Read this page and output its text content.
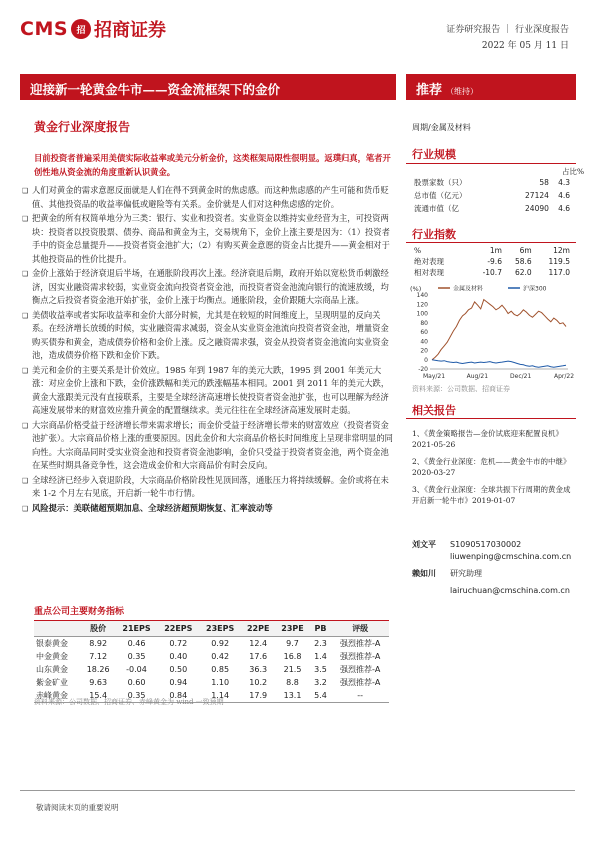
CMS 招 招商证券	证券研究报告 ｜ 行业深度报告
2022 年 05 月 11 日
迎接新一轮黄金牛市——资金流框架下的金价	推荐 （维持）
黄金行业深度报告	周期/金属及材料
目前投资者普遍采用美债实际收益率或美元分析金价，这类框架局限性很明显。返璞归真，笔者开创性地从资金流的角度重新认识黄金。
❑ 人们对黄金的需求意愿反面就是人们在得不到黄金时的焦虑感。而这种焦虑感的产生可能和货币贬值、其他投资品的收益率偏低或避险等有关系。金价就是人们对这种焦虑感的定价。
❑ 把黄金的所有权简单地分为三类：银行、实业和投资者。实业资金以维持实业经营为主，可投资两块：投资者以投资股票、债券、商品和黄金为主，交易规角下，金价上涨主要是因为：（1）投资者手中的资金总量提升——投资者资金池扩大；（2）有购买黄金意愿的资金占比提升——黄金相对于其他投资品的性价比提升。
❑ 金价上涨始于经济衰退后半场，在通胀阶段再次上涨。经济衰退后期，政府开始以宽松货币刺激经济，因实业融资需求较弱，实业资金流向投资者资金池，而投资者资金池流向银行的流速放缓，均衡点之后投资者资金池开始扩张，金价上涨于均衡点。通胀阶段，金价跟随大宗商品上涨。
❑ 美债收益率或者实际收益率和金价大部分时候，尤其是在较短的时间维度上，呈现明显的反向关系。在经济增长放缓的时候，实业融资需求减弱，资金从实业资金池流向投资者资金池，增量资金购买债券和黄金，造成债券价格和金价上涨。反之融资需求强，资金从投资者资金池流向实业资金池，造成债券价格下跌和金价下跌。
❑ 美元和金价的主要关系是计价效应。1985 年到 1987 年的美元大跌，1995 到 2001 年美元大涨：对应金价上涨和下跌，金价涨跌幅和美元的跌涨幅基本相同。2001 到 2011 年的美元大跌，黄金大涨跟美元没有直接联系，主要是全球经济高速增长使投资者资金池扩张，也可以理解为经济高速发展带来的财富效应推升黄金的配置继续求。美元往往在全球经济高速发展时走弱。
❑ 大宗商品价格受益于经济增长带来需求增长；而金价受益于经济增长带来的财富效应（投资者资金池扩张）。大宗商品价格上涨的重要原因。因此金价和大宗商品价格长时间维度上呈现非常明显的同向性。大宗商品同时受实业资金池和投资者资金池影响，金价只受益于投资者资金池，两个资金池在某些时期具备竞争性，这会造成金价和大宗商品价有时会反向。
❑ 全球经济已经步入衰退阶段，大宗商品价格阶段性见顶回落，通胀压力将持续缓解。金价或将在未来 1-2 个月左右见底，开启新一轮牛市行情。
❑ 风险提示：美联储超预期加息、全球经济超预期恢复、汇率波动等
重点公司主要财务指标
	股价	21EPS	22EPS	23EPS	22PE	23PE	PB	评级
银泰黄金	8.92	0.46	0.72	0.92	12.4	9.7	2.3	强烈推荐-A
中金黄金	7.12	0.35	0.40	0.42	17.6	16.8	1.4	强烈推荐-A
山东黄金	18.26	-0.04	0.50	0.85	36.3	21.5	3.5	强烈推荐-A
紫金矿业	9.63	0.60	0.94	1.10	10.2	8.8	3.2	强烈推荐-A
赤峰黄金	15.4	0.35	0.84	1.14	17.9	13.1	5.4	--
资料来源：公司数据、招商证券、赤峰黄金为 wind 一致预期
行业规模
占比%
股票家数（只）	58	4.3
总市值（亿元）	27124	4.6
流通市值（亿	24090	4.6
行业指数
%	1m	6m	12m
绝对表现	-9.6	58.6	119.5
相对表现	-10.7	62.0	117.0
(%)
140
120
100
80
60
40
20
0
-20
May/21	Aug/21	Dec/21	Apr/22
金属及材料	沪深300
资料来源：公司数据、招商证券
相关报告
1、《黄金策略报告—金价试底迎来配置良机》2021-05-26
2、《黄金行业深度：危机——黄金牛市的中继》2020-03-27
3、《黄金行业深度：全球共振下行周期的黄金成开启新一轮牛市》2019-01-07
刘文平	S1090517030002
liuwenping@cmschina.com.cn
赖如川	研究助理
lairuchuan@cmschina.com.cn
敬请阅读末页的重要说明
